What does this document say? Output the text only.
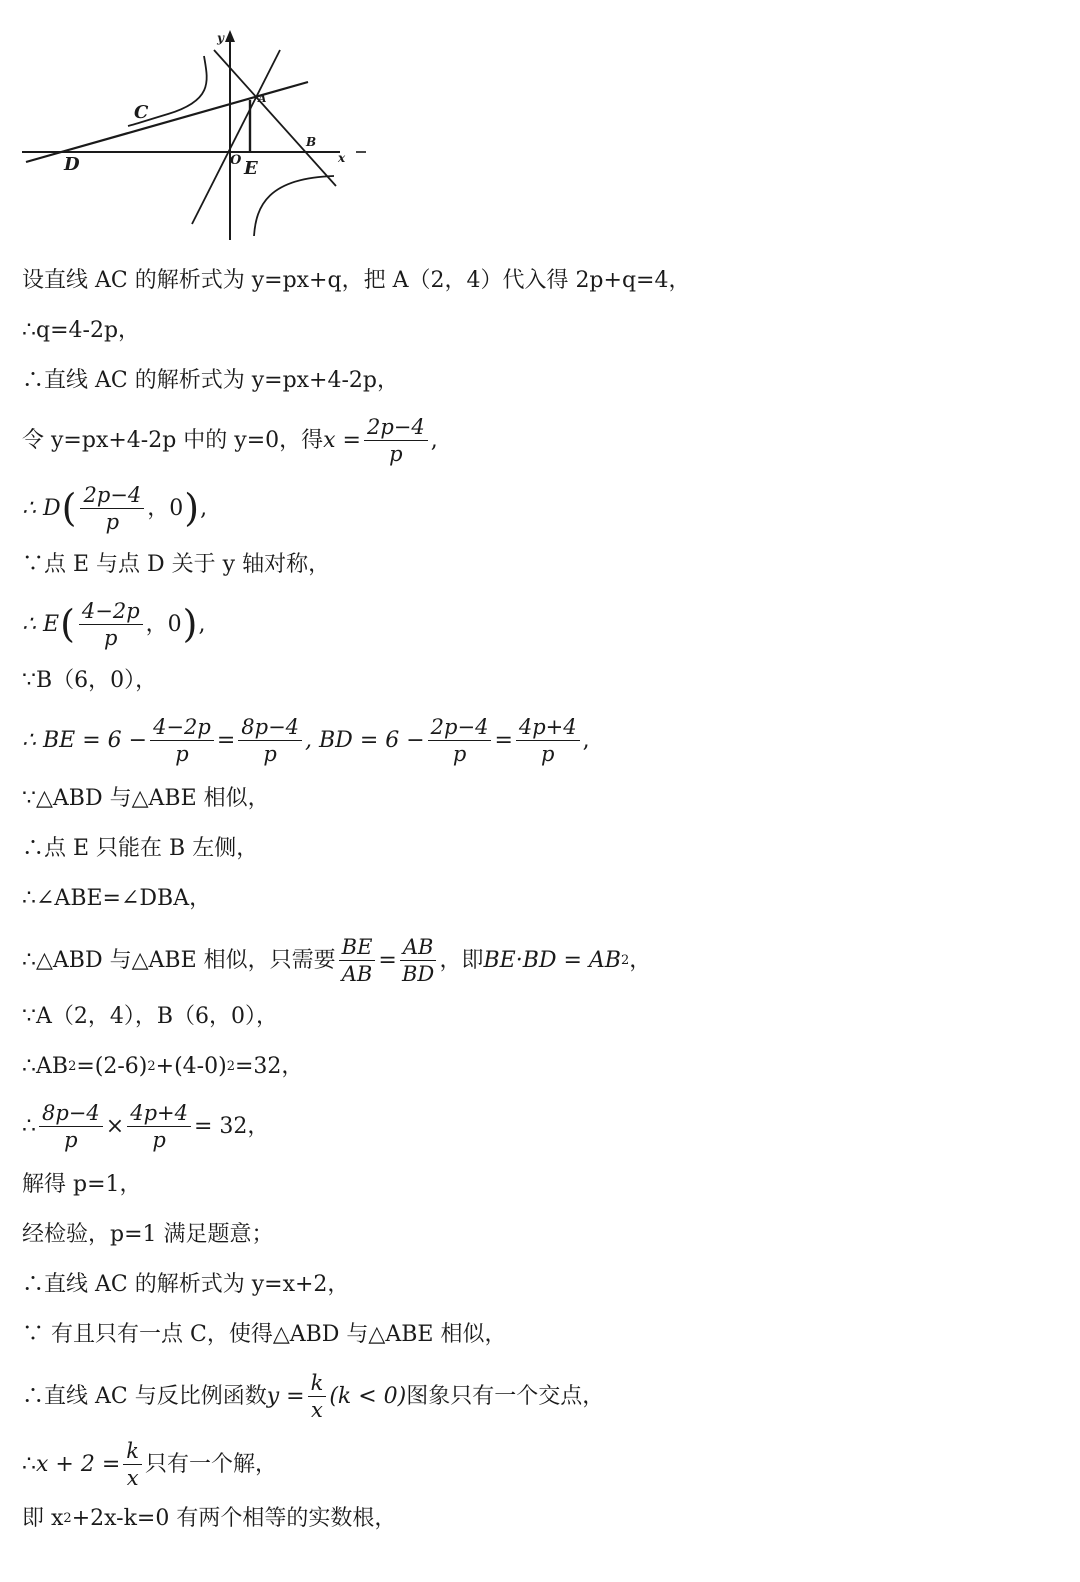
y
x
C
D	O E
A
B
设直线 AC 的解析式为 y=px+q，把 A（2，4）代入得 2p+q=4，
∴q=4-2p，
∴直线 AC 的解析式为 y=px+4-2p，
令 y=px+4-2p 中的 y=0，得 $x = \frac{2p-4}{p}$ ,
∴ D ( $\frac{2p-4}{p}$ ，0 ) ,
∵点 E 与点 D 关于 y 轴对称，
∴ E ( $\frac{4-2p}{p}$ ，0 ) ,
∵B（6，0），
∴ BE = $6 - \frac{4-2p}{p} = \frac{8p-4}{p}$ , BD = $6 - \frac{2p-4}{p} = \frac{4p+4}{p}$ ,
∵△ABD 与△ABE 相似，
∴点 E 只能在 B 左侧，
∴∠ABE=∠DBA，
∴△ABD 与△ABE 相似，只需要 $\frac{BE}{AB} = \frac{AB}{BD}$ ，即 BE·BD = AB 2 ，
∵A（2，4），B（6，0），
∴AB 2 =(2-6) 2 +(4-0) 2 =32，
∴ $\frac{8p-4}{p} \times \frac{4p+4}{p} = 32$，
解得 p=1，
经检验，p=1 满足题意；
∴直线 AC 的解析式为 y=x+2，
∵ 有且只有一点 C，使得△ABD 与△ABE 相似，
∴直线 AC 与反比例函数 $y = \frac{k}{x} (k < 0)$ 图象只有一个交点，
∴ $x + 2 = \frac{k}{x}$ 只有一个解，
即 x 2 +2x-k=0 有两个相等的实数根，
